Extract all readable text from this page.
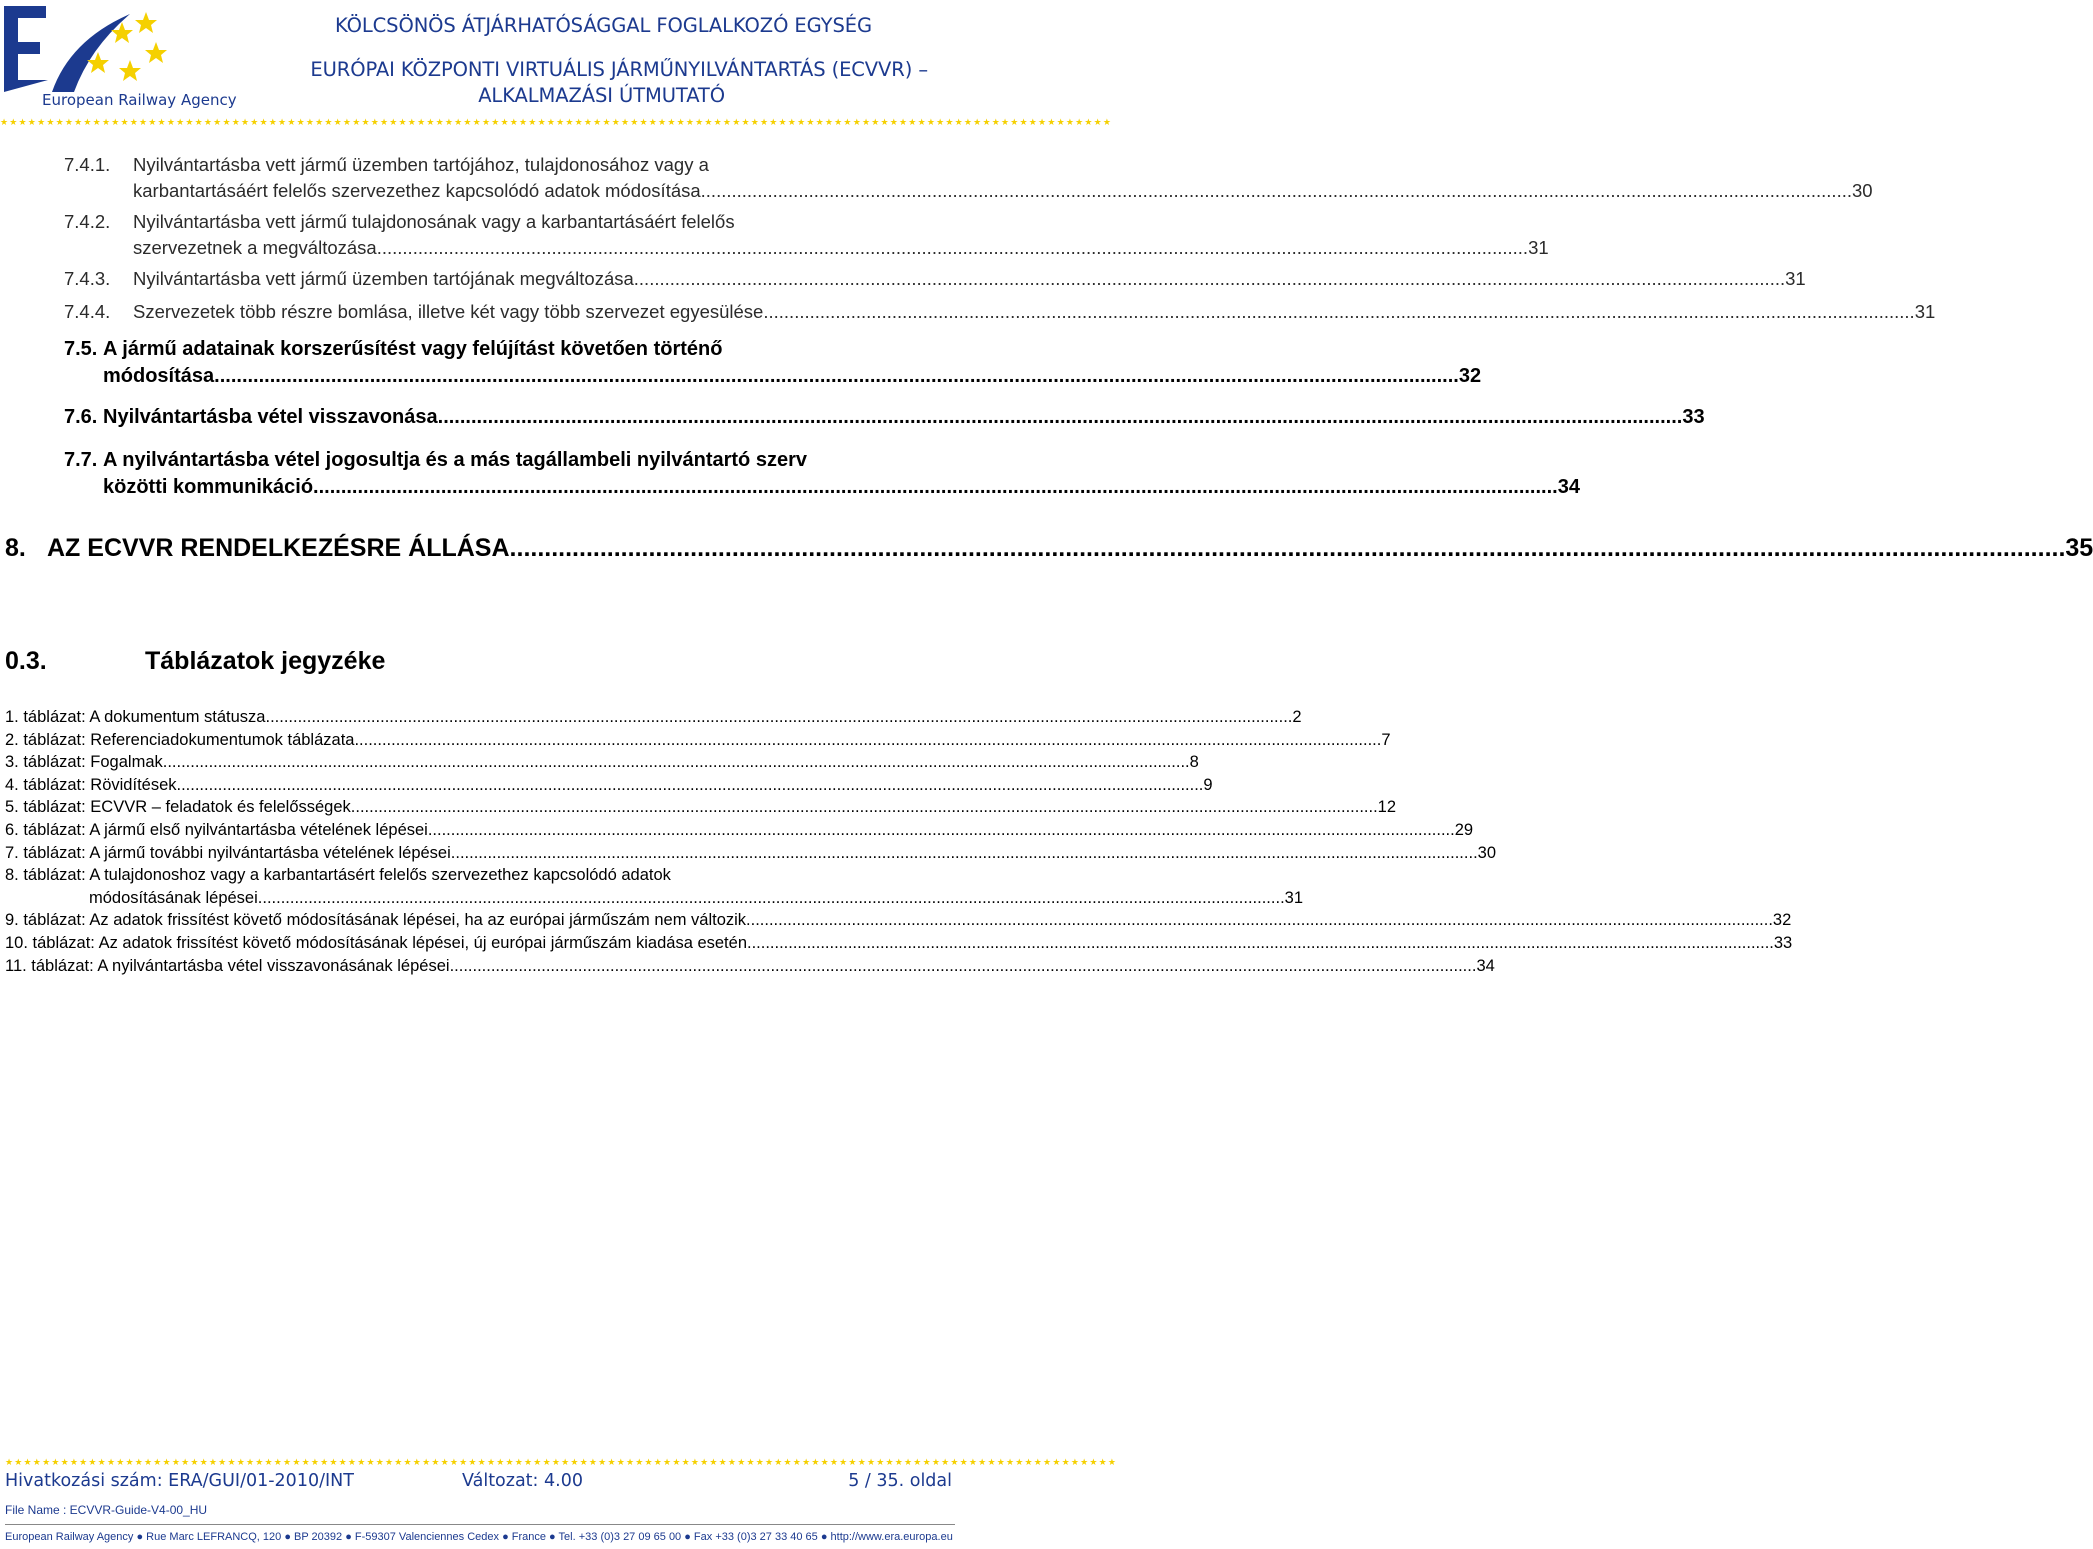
European Railway Agency
KÖLCSÖNÖS ÁTJÁRHATÓSÁGGAL FOGLALKOZÓ EGYSÉG
EURÓPAI KÖZPONTI VIRTUÁLIS JÁRMŰNYILVÁNTARTÁS (ECVVR) –
ALKALMAZÁSI ÚTMUTATÓ
★★★★★★★★★★★★★★★★★★★★★★★★★★★★★★★★★★★★★★★★★★★★★★★★★★★★★★★★★★★★★★★★★★★★★★★★★★★★★★★★★★★★★★★★★★★★★★★★★★★★★★★★★★★★★★★★★★★★★★★★
7.4.1. Nyilvántartásba vett jármű üzemben tartójához, tulajdonosához vagy a
karbantartásáért felelős szervezethez kapcsolódó adatok módosítása .....	30
7.4.2. Nyilvántartásba vett jármű tulajdonosának vagy a karbantartásáért felelős
szervezetnek a megváltozása .....	31
7.4.3. Nyilvántartásba vett jármű üzemben tartójának megváltozása .....	31
7.4.4. Szervezetek több részre bomlása, illetve két vagy több szervezet egyesülése .....	31
7.5. A jármű adatainak korszerűsítést vagy felújítást követően történő
módosítása .....	32
7.6. Nyilvántartásba vétel visszavonása .....	33
7.7. A nyilvántartásba vétel jogosultja és a más tagállambeli nyilvántartó szerv
közötti kommunikáció .....	34
8. AZ ECVVR RENDELKEZÉSRE ÁLLÁSA .....	35
0.3.	Táblázatok jegyzéke
1. táblázat: A dokumentum státusza .....	2
2. táblázat: Referenciadokumentumok táblázata .....	7
3. táblázat: Fogalmak .....	8
4. táblázat: Rövidítések .....	9
5. táblázat: ECVVR – feladatok és felelősségek .....	12
6. táblázat: A jármű első nyilvántartásba vételének lépései .....	29
7. táblázat: A jármű további nyilvántartásba vételének lépései .....	30
8. táblázat: A tulajdonoshoz vagy a karbantartásért felelős szervezethez kapcsolódó adatok
módosításának lépései .....	31
9. táblázat: Az adatok frissítést követő módosításának lépései, ha az európai járműszám nem változik .....	32
10. táblázat: Az adatok frissítést követő módosításának lépései, új európai járműszám kiadása esetén .....	33
11. táblázat: A nyilvántartásba vétel visszavonásának lépései .....	34
★★★★★★★★★★★★★★★★★★★★★★★★★★★★★★★★★★★★★★★★★★★★★★★★★★★★★★★★★★★★★★★★★★★★★★★★★★★★★★★★★★★★★★★★★★★★★★★★★★★★★★★★★★★★★★★★★★★★★★★★
Hivatkozási szám: ERA/GUI/01-2010/INT	Változat: 4.00	5 / 35. oldal
File Name : ECVVR-Guide-V4-00_HU
European Railway Agency ● Rue Marc LEFRANCQ, 120 ● BP 20392 ● F-59307 Valenciennes Cedex ● France ● Tel. +33 (0)3 27 09 65 00 ● Fax +33 (0)3 27 33 40 65 ● http://www.era.europa.eu
